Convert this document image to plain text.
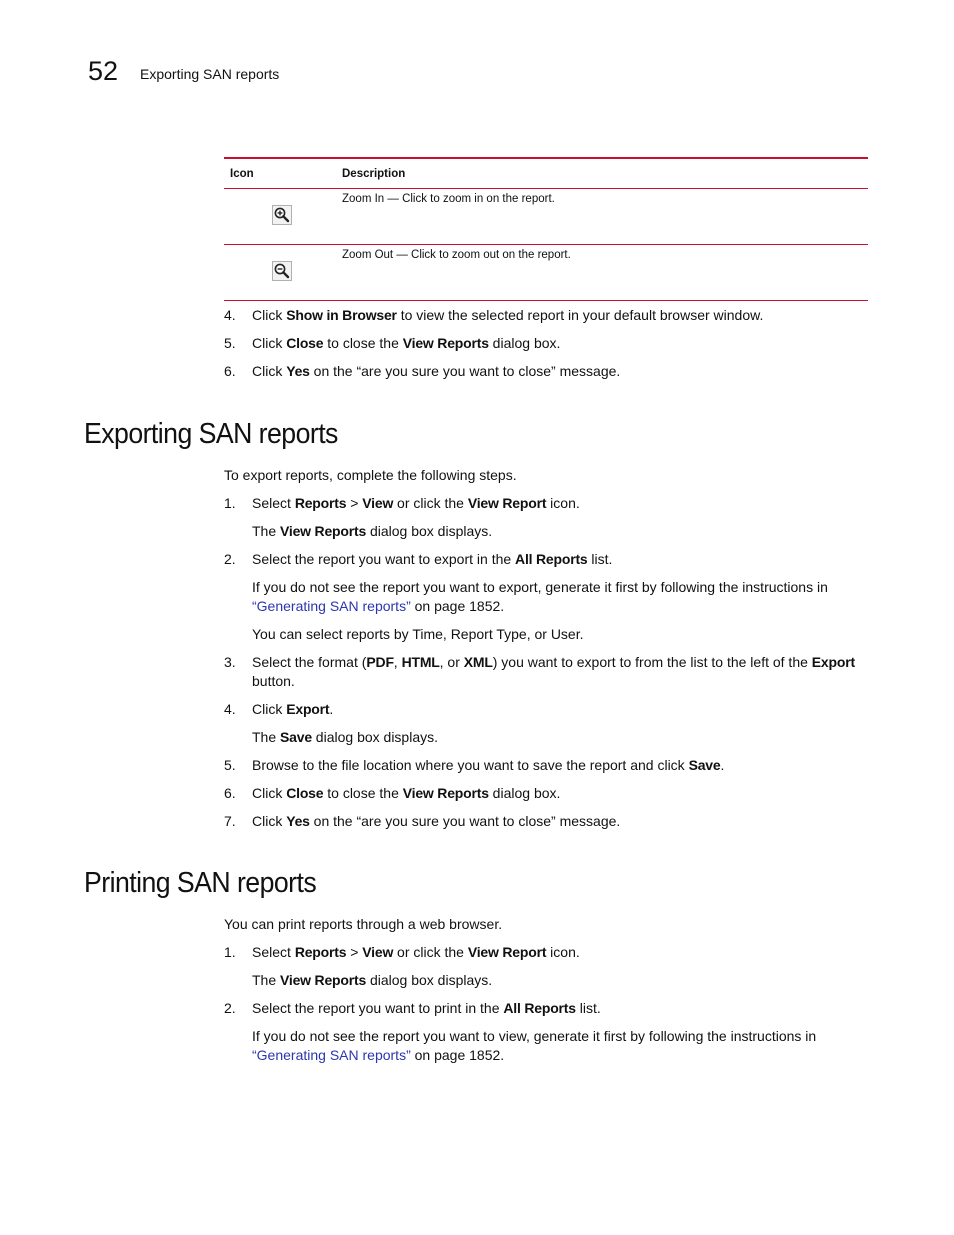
52 Exporting SAN reports
Icon	Description

	Zoom In — Click to zoom in on the report.

	Zoom Out — Click to zoom out on the report.
4. Click Show in Browser to view the selected report in your default browser window.
5. Click Close to close the View Reports dialog box.
6. Click Yes on the “are you sure you want to close” message.
Exporting SAN reports

To export reports, complete the following steps.

1. Select Reports > View or click the View Report icon.

The View Reports dialog box displays.

2. Select the report you want to export in the All Reports list.

If you do not see the report you want to export, generate it first by following the instructions in “Generating SAN reports” on page 1852.

You can select reports by Time, Report Type, or User.

3. Select the format (PDF, HTML, or XML) you want to export to from the list to the left of the Export button.
4. Click Export.

The Save dialog box displays.

5. Browse to the file location where you want to save the report and click Save.
6. Click Close to close the View Reports dialog box.
7. Click Yes on the “are you sure you want to close” message.
Printing SAN reports

You can print reports through a web browser.

1. Select Reports > View or click the View Report icon.

The View Reports dialog box displays.

2. Select the report you want to print in the All Reports list.

If you do not see the report you want to view, generate it first by following the instructions in “Generating SAN reports” on page 1852.
